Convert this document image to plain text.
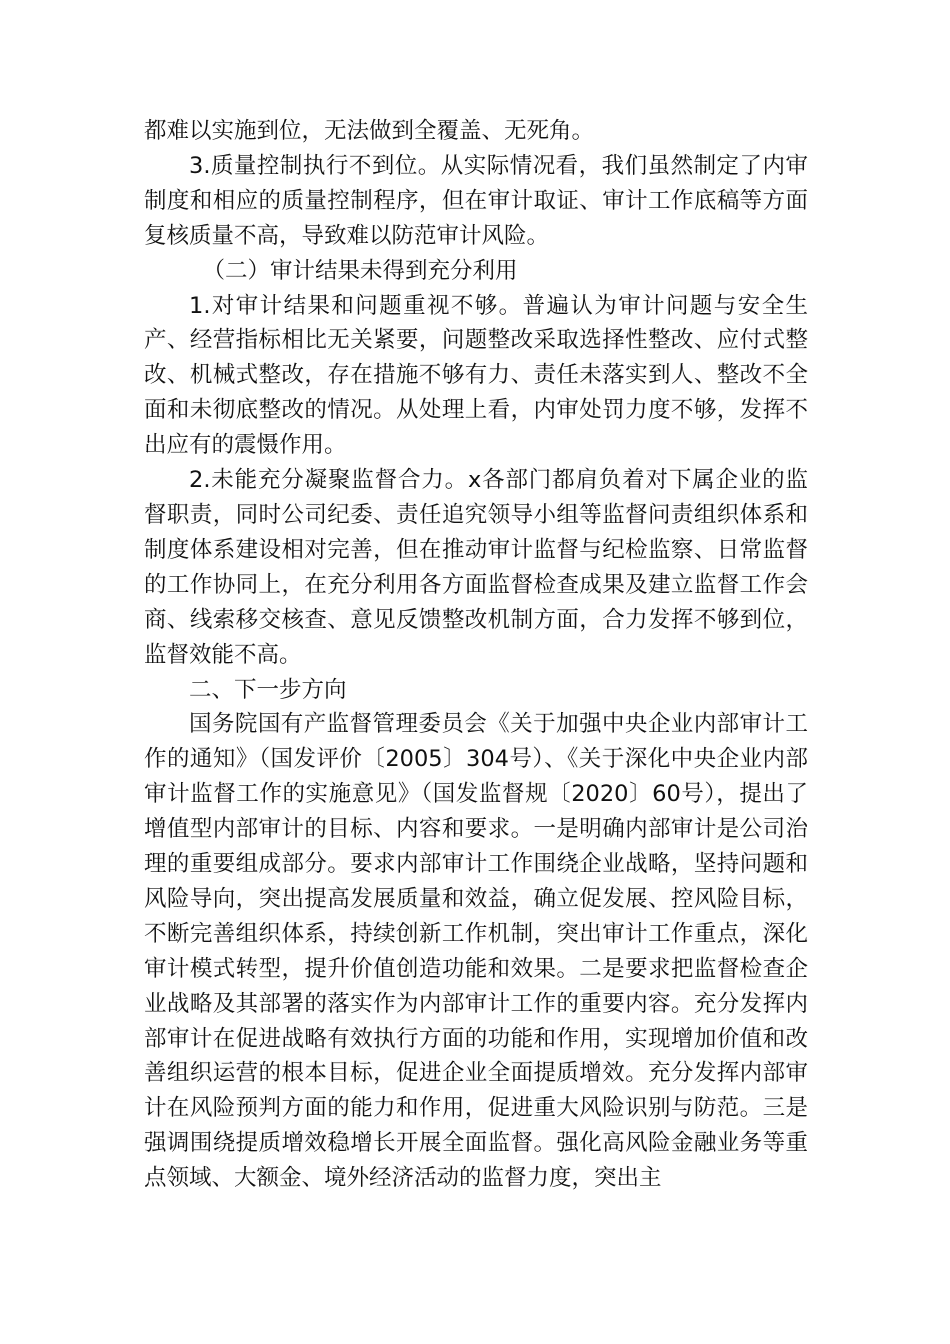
都难以实施到位，无法做到全覆盖、无死角。

3.质量控制执行不到位。从实际情况看，我们虽然制定了内审制度和相应的质量控制程序，但在审计取证、审计工作底稿等方面复核质量不高，导致难以防范审计风险。

（二）审计结果未得到充分利用

1.对审计结果和问题重视不够。普遍认为审计问题与安全生产、经营指标相比无关紧要，问题整改采取选择性整改、应付式整改、机械式整改，存在措施不够有力、责任未落实到人、整改不全面和未彻底整改的情况。从处理上看，内审处罚力度不够，发挥不出应有的震慑作用。

2.未能充分凝聚监督合力。x各部门都肩负着对下属企业的监督职责，同时公司纪委、责任追究领导小组等监督问责组织体系和制度体系建设相对完善，但在推动审计监督与纪检监察、日常监督的工作协同上，在充分利用各方面监督检查成果及建立监督工作会商、线索移交核查、意见反馈整改机制方面，合力发挥不够到位，监督效能不高。

二、下一步方向

国务院国有产监督管理委员会《关于加强中央企业内部审计工作的通知》（国发评价〔2005〕304号）、《关于深化中央企业内部审计监督工作的实施意见》（国发监督规〔2020〕60号），提出了增值型内部审计的目标、内容和要求。一是明确内部审计是公司治理的重要组成部分。要求内部审计工作围绕企业战略，坚持问题和风险导向，突出提高发展质量和效益，确立促发展、控风险目标，不断完善组织体系，持续创新工作机制，突出审计工作重点，深化审计模式转型，提升价值创造功能和效果。二是要求把监督检查企业战略及其部署的落实作为内部审计工作的重要内容。充分发挥内部审计在促进战略有效执行方面的功能和作用，实现增加价值和改善组织运营的根本目标，促进企业全面提质增效。充分发挥内部审计在风险预判方面的能力和作用，促进重大风险识别与防范。三是强调围绕提质增效稳增长开展全面监督。强化高风险金融业务等重点领域、大额金、境外经济活动的监督力度，突出主
